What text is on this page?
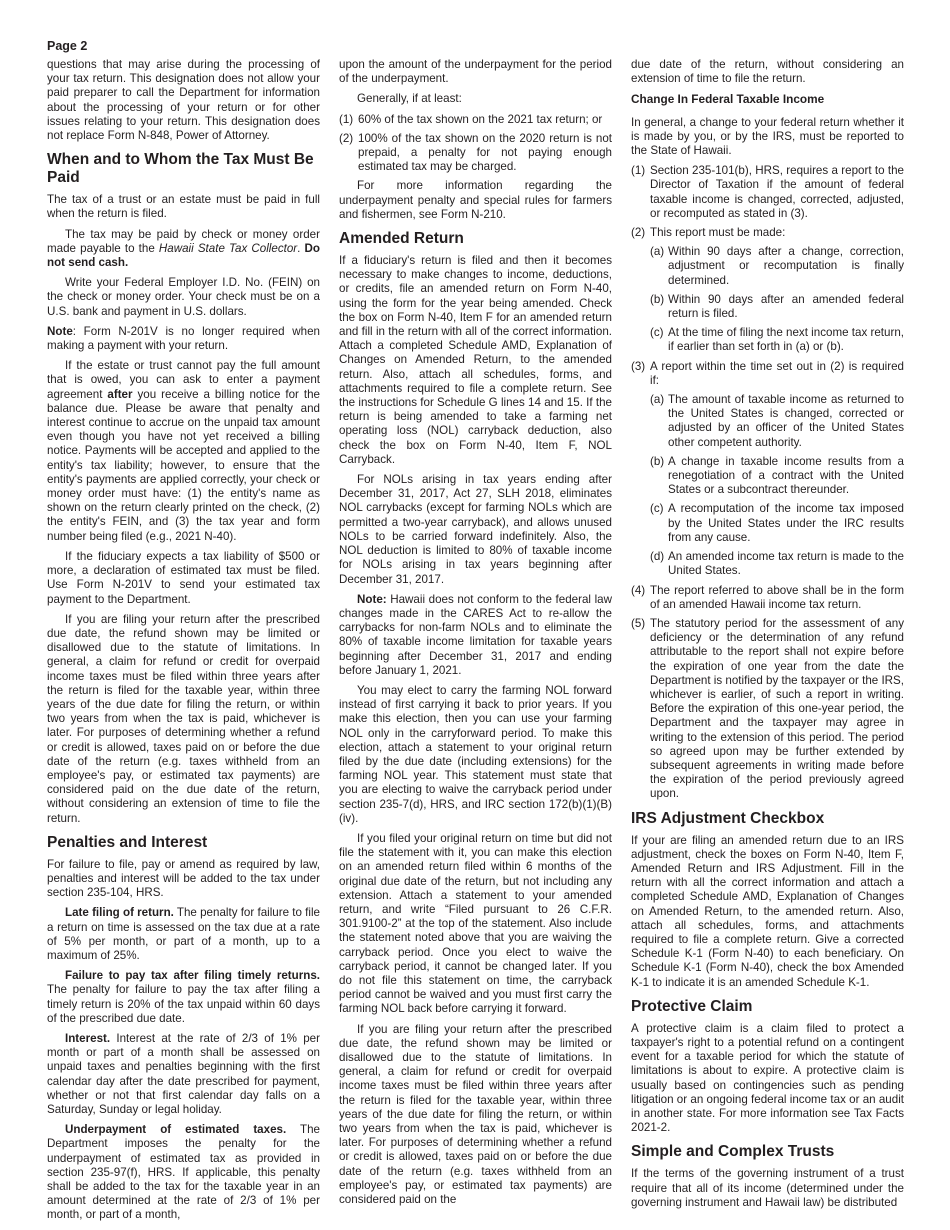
Page 2

questions that may arise during the processing of your tax return. This designation does not allow your paid preparer to call the Department for information about the processing of your return or for other issues relating to your return. This designation does not replace Form N-848, Power of Attorney.

When and to Whom the Tax Must Be Paid

The tax of a trust or an estate must be paid in full when the return is filed.

The tax may be paid by check or money order made payable to the Hawaii State Tax Collector. Do not send cash.

Write your Federal Employer I.D. No. (FEIN) on the check or money order. Your check must be on a U.S. bank and payment in U.S. dollars.

Note: Form N-201V is no longer required when making a payment with your return.

If the estate or trust cannot pay the full amount that is owed, you can ask to enter a payment agreement after you receive a billing notice for the balance due. Please be aware that penalty and interest continue to accrue on the unpaid tax amount even though you have not yet received a billing notice. Payments will be accepted and applied to the entity's tax liability; however, to ensure that the entity's payments are applied correctly, your check or money order must have: (1) the entity's name as shown on the return clearly printed on the check, (2) the entity's FEIN, and (3) the tax year and form number being filed (e.g., 2021 N-40).

If the fiduciary expects a tax liability of $500 or more, a declaration of estimated tax must be filed. Use Form N-201V to send your estimated tax payment to the Department.

If you are filing your return after the prescribed due date, the refund shown may be limited or disallowed due to the statute of limitations. In general, a claim for refund or credit for overpaid income taxes must be filed within three years after the return is filed for the taxable year, within three years of the due date for filing the return, or within two years from when the tax is paid, whichever is later. For purposes of determining whether a refund or credit is allowed, taxes paid on or before the due date of the return (e.g. taxes withheld from an employee's pay, or estimated tax payments) are considered paid on the due date of the return, without considering an extension of time to file the return.

Penalties and Interest

For failure to file, pay or amend as required by law, penalties and interest will be added to the tax under section 235-104, HRS.

Late filing of return. The penalty for failure to file a return on time is assessed on the tax due at a rate of 5% per month, or part of a month, up to a maximum of 25%.

Failure to pay tax after filing timely returns. The penalty for failure to pay the tax after filing a timely return is 20% of the tax unpaid within 60 days of the prescribed due date.

Interest. Interest at the rate of 2/3 of 1% per month or part of a month shall be assessed on unpaid taxes and penalties beginning with the first calendar day after the date prescribed for payment, whether or not that first calendar day falls on a Saturday, Sunday or legal holiday.

Underpayment of estimated taxes. The Department imposes the penalty for the underpayment of estimated tax as provided in section 235-97(f), HRS. If applicable, this penalty shall be added to the tax for the taxable year in an amount determined at the rate of 2/3 of 1% per month, or part of a month,

upon the amount of the underpayment for the period of the underpayment.

Generally, if at least:

(1) 60% of the tax shown on the 2021 tax return; or
(2) 100% of the tax shown on the 2020 return is not prepaid, a penalty for not paying enough estimated tax may be charged.

For more information regarding the underpayment penalty and special rules for farmers and fishermen, see Form N-210.

Amended Return

If a fiduciary's return is filed and then it becomes necessary to make changes to income, deductions, or credits, file an amended return on Form N-40, using the form for the year being amended. Check the box on Form N-40, Item F for an amended return and fill in the return with all of the correct information. Attach a completed Schedule AMD, Explanation of Changes on Amended Return, to the amended return. Also, attach all schedules, forms, and attachments required to file a complete return. See the instructions for Schedule G lines 14 and 15. If the return is being amended to take a farming net operating loss (NOL) carryback deduction, also check the box on Form N-40, Item F, NOL Carryback.

For NOLs arising in tax years ending after December 31, 2017, Act 27, SLH 2018, eliminates NOL carrybacks (except for farming NOLs which are permitted a two-year carryback), and allows unused NOLs to be carried forward indefinitely. Also, the NOL deduction is limited to 80% of taxable income for NOLs arising in tax years beginning after December 31, 2017.

Note: Hawaii does not conform to the federal law changes made in the CARES Act to re-allow the carrybacks for non-farm NOLs and to eliminate the 80% of taxable income limitation for taxable years beginning after December 31, 2017 and ending before January 1, 2021.

You may elect to carry the farming NOL forward instead of first carrying it back to prior years. If you make this election, then you can use your farming NOL only in the carryforward period. To make this election, attach a statement to your original return filed by the due date (including extensions) for the farming NOL year. This statement must state that you are electing to waive the carryback period under section 235-7(d), HRS, and IRC section 172(b)(1)(B)(iv).

If you filed your original return on time but did not file the statement with it, you can make this election on an amended return filed within 6 months of the original due date of the return, but not including any extension. Attach a statement to your amended return, and write “Filed pursuant to 26 C.F.R. 301.9100-2” at the top of the statement. Also include the statement noted above that you are waiving the carryback period. Once you elect to waive the carryback period, it cannot be changed later. If you do not file this statement on time, the carryback period cannot be waived and you must first carry the farming NOL back before carrying it forward.

If you are filing your return after the prescribed due date, the refund shown may be limited or disallowed due to the statute of limitations. In general, a claim for refund or credit for overpaid income taxes must be filed within three years after the return is filed for the taxable year, within three years of the due date for filing the return, or within two years from when the tax is paid, whichever is later. For purposes of determining whether a refund or credit is allowed, taxes paid on or before the due date of the return (e.g. taxes withheld from an employee's pay, or estimated tax payments) are considered paid on the

due date of the return, without considering an extension of time to file the return.

Change In Federal Taxable Income

In general, a change to your federal return whether it is made by you, or by the IRS, must be reported to the State of Hawaii.

(1) Section 235-101(b), HRS, requires a report to the Director of Taxation if the amount of federal taxable income is changed, corrected, adjusted, or recomputed as stated in (3).
(2) This report must be made:
(a) Within 90 days after a change, correction, adjustment or recomputation is finally determined.
(b) Within 90 days after an amended federal return is filed.
(c) At the time of filing the next income tax return, if earlier than set forth in (a) or (b).
(3) A report within the time set out in (2) is required if:
(a) The amount of taxable income as returned to the United States is changed, corrected or adjusted by an officer of the United States other competent authority.
(b) A change in taxable income results from a renegotiation of a contract with the United States or a subcontract thereunder.
(c) A recomputation of the income tax imposed by the United States under the IRC results from any cause.
(d) An amended income tax return is made to the United States.
(4) The report referred to above shall be in the form of an amended Hawaii income tax return.
(5) The statutory period for the assessment of any deficiency or the determination of any refund attributable to the report shall not expire before the expiration of one year from the date the Department is notified by the taxpayer or the IRS, whichever is earlier, of such a report in writing. Before the expiration of this one-year period, the Department and the taxpayer may agree in writing to the extension of this period. The period so agreed upon may be further extended by subsequent agreements in writing made before the expiration of the period previously agreed upon.
IRS Adjustment Checkbox

If your are filing an amended return due to an IRS adjustment, check the boxes on Form N-40, Item F, Amended Return and IRS Adjustment. Fill in the return with all the correct information and attach a completed Schedule AMD, Explanation of Changes on Amended Return, to the amended return. Also, attach all schedules, forms, and attachments required to file a complete return. Give a corrected Schedule K-1 (Form N-40) to each beneficiary. On Schedule K-1 (Form N-40), check the box Amended K-1 to indicate it is an amended Schedule K-1.

Protective Claim

A protective claim is a claim filed to protect a taxpayer's right to a potential refund on a contingent event for a taxable period for which the statute of limitations is about to expire. A protective claim is usually based on contingencies such as pending litigation or an ongoing federal income tax or an audit in another state. For more information see Tax Facts 2021-2.

Simple and Complex Trusts

If the terms of the governing instrument of a trust require that all of its income (determined under the governing instrument and Hawaii law) be distributed
